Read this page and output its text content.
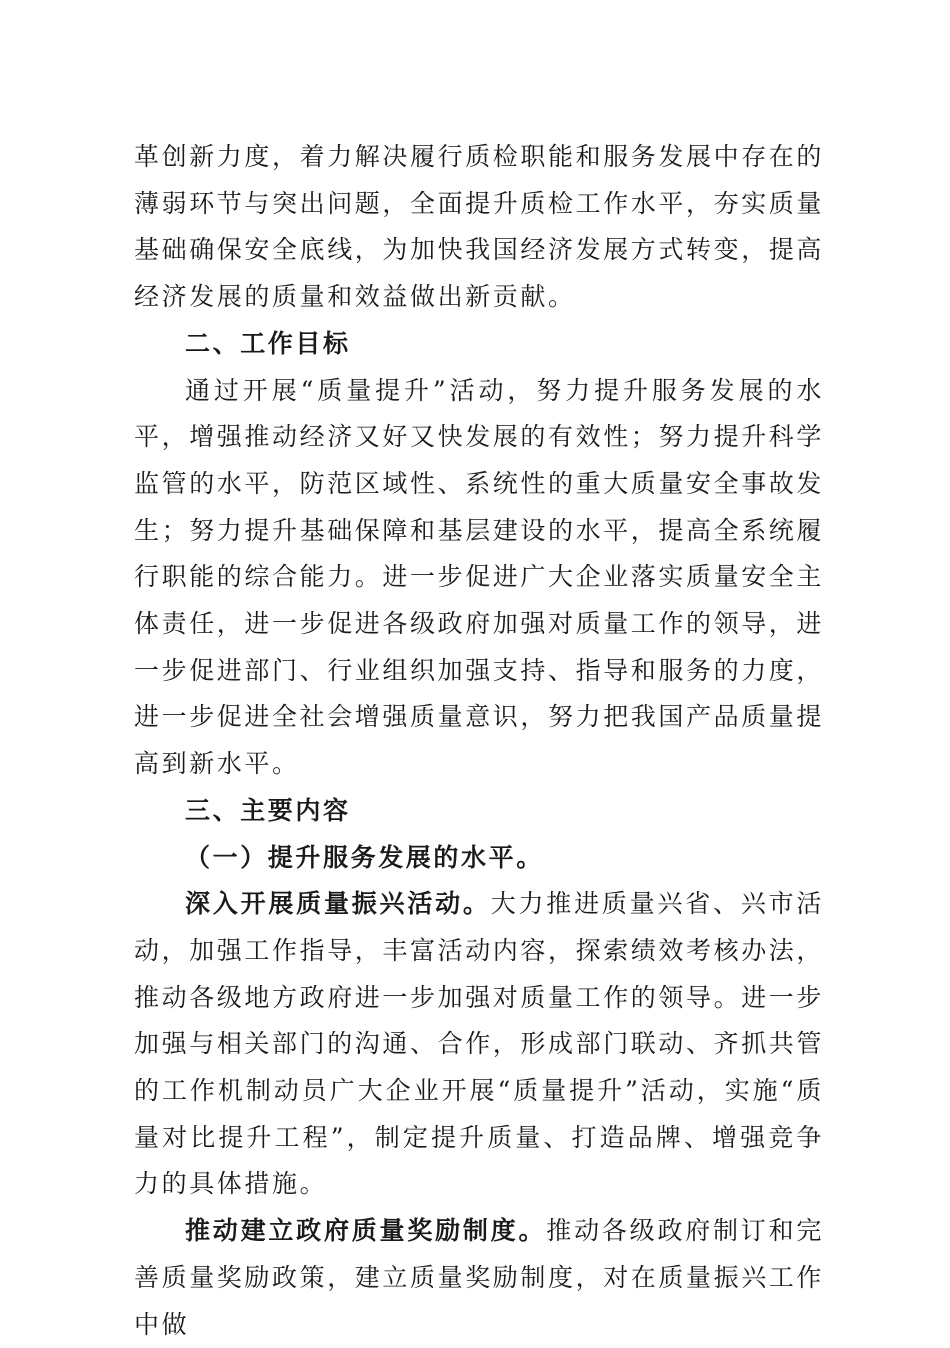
革创新力度，着力解决履行质检职能和服务发展中存在的薄弱环节与突出问题，全面提升质检工作水平，夯实质量基础确保安全底线，为加快我国经济发展方式转变，提高经济发展的质量和效益做出新贡献。

二、工作目标

通过开展“质量提升”活动，努力提升服务发展的水平，增强推动经济又好又快发展的有效性；努力提升科学监管的水平，防范区域性、系统性的重大质量安全事故发生；努力提升基础保障和基层建设的水平，提高全系统履行职能的综合能力。进一步促进广大企业落实质量安全主体责任，进一步促进各级政府加强对质量工作的领导，进一步促进部门、行业组织加强支持、指导和服务的力度，进一步促进全社会增强质量意识，努力把我国产品质量提高到新水平。

三、主要内容

（一）提升服务发展的水平。

深入开展质量振兴活动。大力推进质量兴省、兴市活动，加强工作指导，丰富活动内容，探索绩效考核办法，推动各级地方政府进一步加强对质量工作的领导。进一步加强与相关部门的沟通、合作，形成部门联动、齐抓共管的工作机制动员广大企业开展“质量提升”活动，实施“质量对比提升工程”，制定提升质量、打造品牌、增强竞争力的具体措施。

推动建立政府质量奖励制度。推动各级政府制订和完善质量奖励政策，建立质量奖励制度，对在质量振兴工作中做
